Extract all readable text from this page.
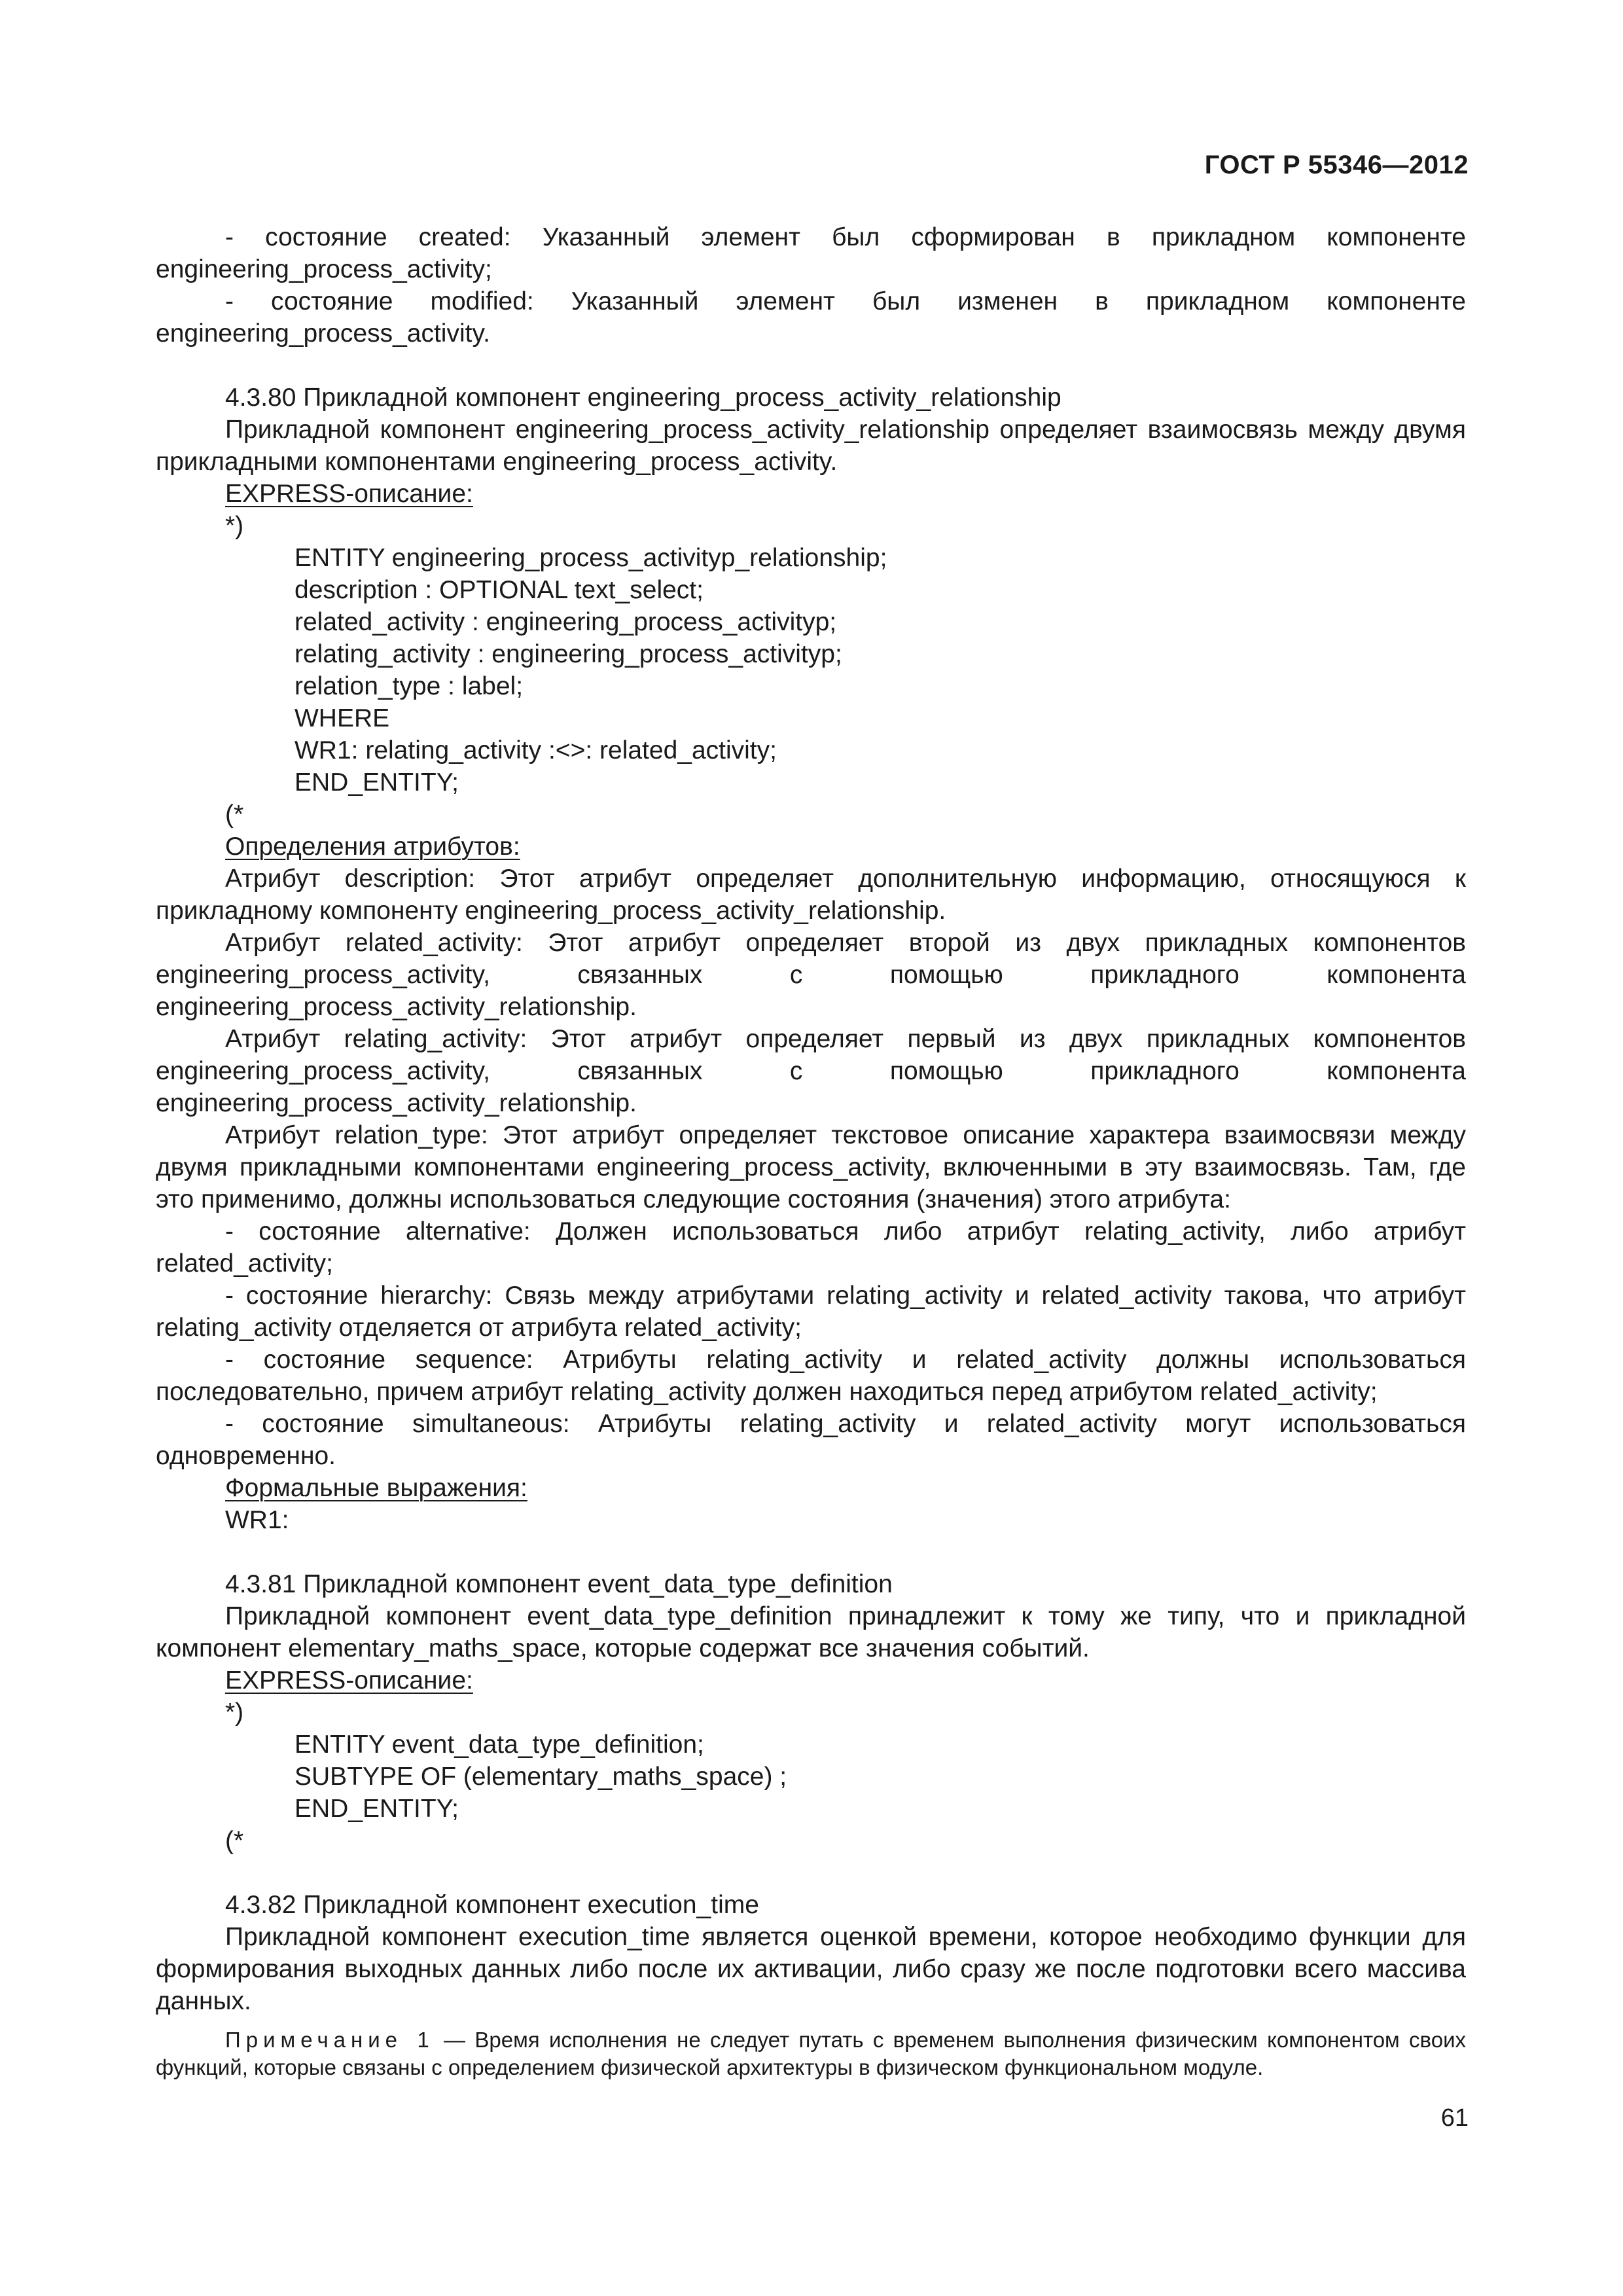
ГОСТ Р 55346—2012

- состояние created: Указанный элемент был сформирован в прикладном компоненте engineering_process_activity;

- состояние modified: Указанный элемент был изменен в прикладном компоненте engineering_process_activity.

4.3.80 Прикладной компонент engineering_process_activity_relationship

Прикладной компонент engineering_process_activity_relationship определяет взаимосвязь между двумя прикладными компонентами engineering_process_activity.

EXPRESS-описание:

*)

ENTITY engineering_process_activityp_relationship;

description : OPTIONAL text_select;

related_activity : engineering_process_activityp;

relating_activity : engineering_process_activityp;

relation_type : label;

WHERE

WR1: relating_activity :<>: related_activity;

END_ENTITY;

(*

Определения атрибутов:

Атрибут description: Этот атрибут определяет дополнительную информацию, относящуюся к прикладному компоненту engineering_process_activity_relationship.

Атрибут related_activity: Этот атрибут определяет второй из двух прикладных компонентов engineering_process_activity, связанных с помощью прикладного компонента engineering_process_activity_relationship.

Атрибут relating_activity: Этот атрибут определяет первый из двух прикладных компонентов engineering_process_activity, связанных с помощью прикладного компонента engineering_process_activity_relationship.

Атрибут relation_type: Этот атрибут определяет текстовое описание характера взаимосвязи между двумя прикладными компонентами engineering_process_activity, включенными в эту взаимосвязь. Там, где это применимо, должны использоваться следующие состояния (значения) этого атрибута:

- состояние alternative: Должен использоваться либо атрибут relating_activity, либо атрибут related_activity;

- состояние hierarchy: Связь между атрибутами relating_activity и related_activity такова, что атрибут relating_activity отделяется от атрибута related_activity;

- состояние sequence: Атрибуты relating_activity и related_activity должны использоваться последовательно, причем атрибут relating_activity должен находиться перед атрибутом related_activity;

- состояние simultaneous: Атрибуты relating_activity и related_activity могут использоваться одновременно.

Формальные выражения:

WR1:

4.3.81 Прикладной компонент event_data_type_definition

Прикладной компонент event_data_type_definition принадлежит к тому же типу, что и прикладной компонент elementary_maths_space, которые содержат все значения событий.

EXPRESS-описание:

*)

ENTITY event_data_type_definition;

SUBTYPE OF (elementary_maths_space) ;

END_ENTITY;

(*

4.3.82 Прикладной компонент execution_time

Прикладной компонент execution_time является оценкой времени, которое необходимо функции для формирования выходных данных либо после их активации, либо сразу же после подготовки всего массива данных.

Примечание 1 — Время исполнения не следует путать с временем выполнения физическим компонентом своих функций, которые связаны с определением физической архитектуры в физическом функциональном модуле.

61
